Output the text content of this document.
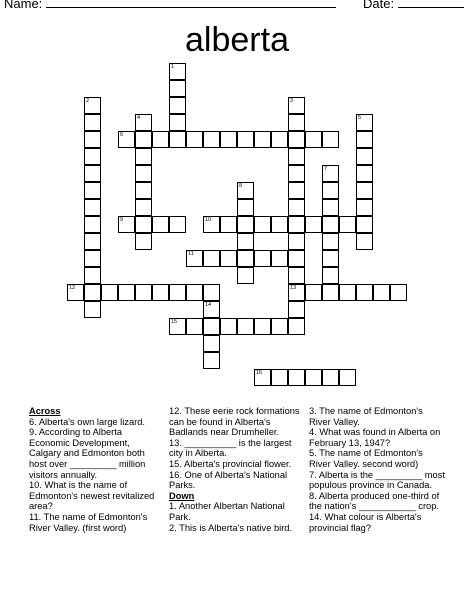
Name:	Date:
alberta
1
2	3
4	5
6
7
8
9	10
11
12	13
14
15
16
Across
6. Alberta's own large lizard.
9. According to Alberta Economic Development, Calgary and Edmonton both host over _________ million visitors annually.
10. What is the name of Edmonton's newest revitalized area?
11. The name of Edmonton's River Valley. (first word)
12. These eerie rock formations can be found in Alberta's Badlands near Drumheller.
13. __________ is the largest city in Alberta.
15. Alberta's provincial flower.
16. One of Alberta's National Parks.
Down
1. Another Albertan National Park.
2. This is Alberta's native bird.
3. The name of Edmonton's River Valley.
4. What was found in Alberta on February 13, 1947?
5. The name of Edmonton's River Valley. second word)
7. Alberta is the _________ most populous province in Canada.
8. Alberta produced one-third of the nation's ___________ crop.
14. What colour is Alberta's provincial flag?
